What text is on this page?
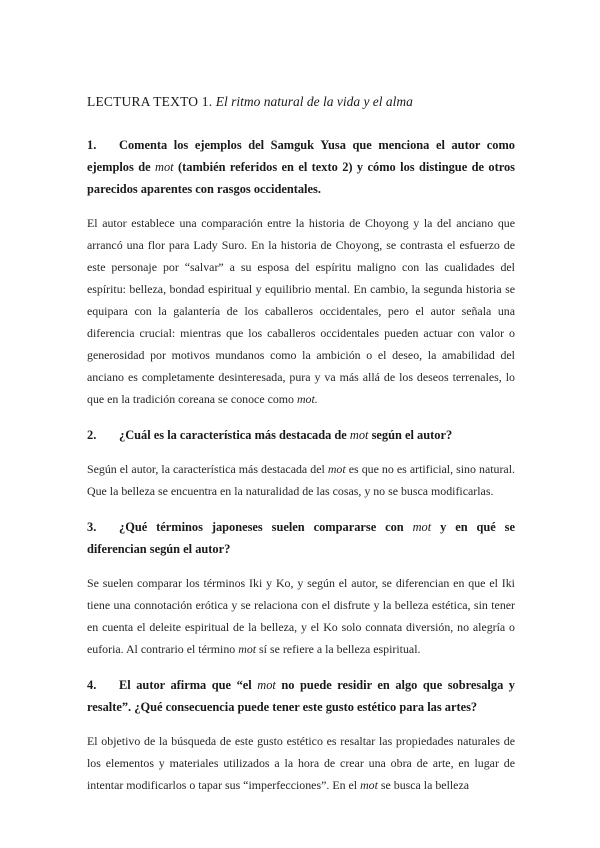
LECTURA TEXTO 1. El ritmo natural de la vida y el alma

1. Comenta los ejemplos del Samguk Yusa que menciona el autor como ejemplos de mot (también referidos en el texto 2) y cómo los distingue de otros parecidos aparentes con rasgos occidentales.

El autor establece una comparación entre la historia de Choyong y la del anciano que arrancó una flor para Lady Suro. En la historia de Choyong, se contrasta el esfuerzo de este personaje por “salvar” a su esposa del espíritu maligno con las cualidades del espíritu: belleza, bondad espiritual y equilibrio mental. En cambio, la segunda historia se equipara con la galantería de los caballeros occidentales, pero el autor señala una diferencia crucial: mientras que los caballeros occidentales pueden actuar con valor o generosidad por motivos mundanos como la ambición o el deseo, la amabilidad del anciano es completamente desinteresada, pura y va más allá de los deseos terrenales, lo que en la tradición coreana se conoce como mot.

2. ¿Cuál es la característica más destacada de mot según el autor?

Según el autor, la característica más destacada del mot es que no es artificial, sino natural. Que la belleza se encuentra en la naturalidad de las cosas, y no se busca modificarlas.

3. ¿Qué términos japoneses suelen compararse con mot y en qué se diferencian según el autor?

Se suelen comparar los términos Iki y Ko, y según el autor, se diferencian en que el Iki tiene una connotación erótica y se relaciona con el disfrute y la belleza estética, sin tener en cuenta el deleite espiritual de la belleza, y el Ko solo connata diversión, no alegría o euforia. Al contrario el término mot sí se refiere a la belleza espiritual.

4. El autor afirma que “el mot no puede residir en algo que sobresalga y resalte”. ¿Qué consecuencia puede tener este gusto estético para las artes?

El objetivo de la búsqueda de este gusto estético es resaltar las propiedades naturales de los elementos y materiales utilizados a la hora de crear una obra de arte, en lugar de intentar modificarlos o tapar sus “imperfecciones”. En el mot se busca la belleza
